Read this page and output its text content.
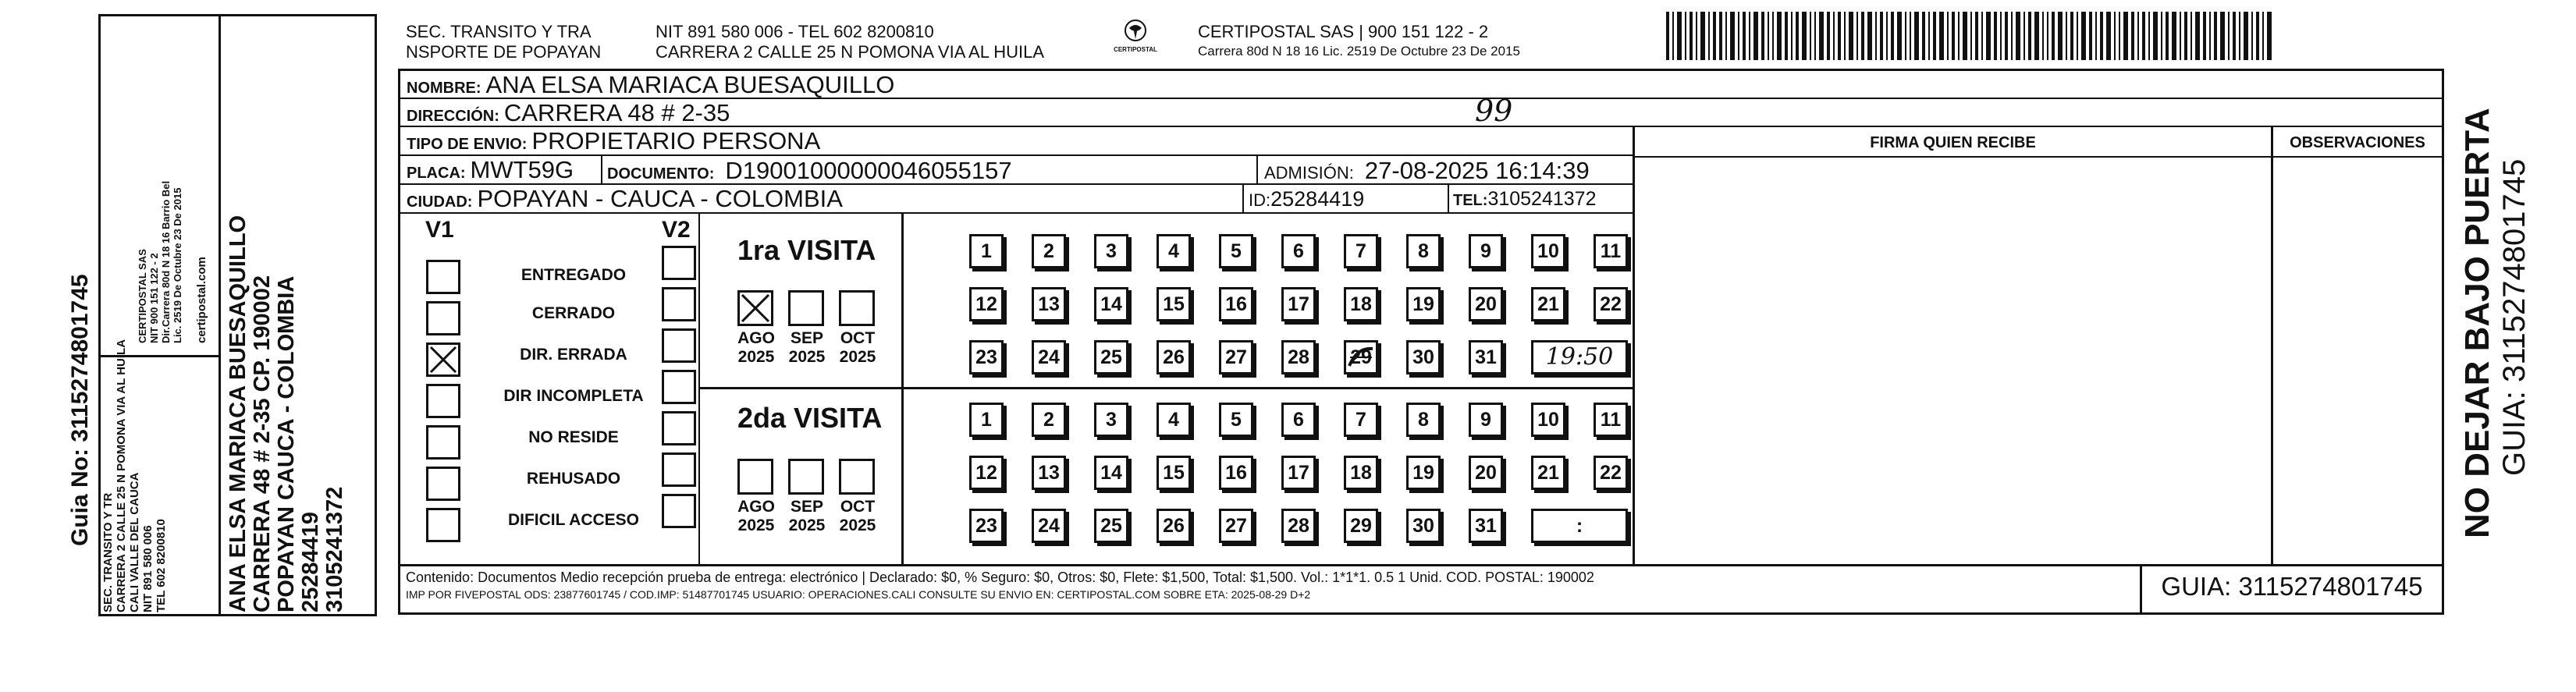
Guia No: 3115274801745
SEC. TRANSITO Y TR CARRERA 2 CALLE 25 N POMONA VIA AL HUILA CALI VALLE DEL CAUCA NIT 891 580 006 TEL 602 8200810
CERTIPOSTAL SAS NIT 900 151 122 - 2 Dir.Carrera 80d N 18 16 Barrio Bel Lic. 2519 De Octubre 23 De 2015 certipostal.com ANA ELSA MARIACA BUESAQUILLO CARRERA 48 # 2-35 CP. 190002 POPAYAN CAUCA - COLOMBIA 25284419 3105241372
SEC. TRANSITO Y TRA
NSPORTE DE POPAYAN
NIT 891 580 006 - TEL 602 8200810
CARRERA 2 CALLE 25 N POMONA VIA AL HUILA	CERTIPOSTAL
CERTIPOSTAL SAS | 900 151 122 - 2
Carrera 80d N 18 16 Lic. 2519 De Octubre 23 De 2015
NOMBRE: ANA ELSA MARIACA BUESAQUILLO
DIRECCIÓN: CARRERA 48 # 2-35	99
TIPO DE ENVIO: PROPIETARIO PERSONA
PLACA: MWT59G	DOCUMENTO: D19001000000046055157	ADMISIÓN: 27-08-2025 16:14:39
CIUDAD: POPAYAN - CAUCA - COLOMBIA	ID:25284419	TEL:3105241372
FIRMA QUIEN RECIBE	OBSERVACIONES
V1	V2
ENTREGADO
CERRADO
DIR. ERRADA
DIR INCOMPLETA
NO RESIDE
REHUSADO
DIFICIL ACCESO
1ra VISITA
2da VISITA
AGO
2025
SEP
2025
OCT
2025
1	2	3	4	5	6	7	8	9	10	11
12	13	14	15	16	17	18	19	20	21	22
23	24	25	26	27	28	29	30	31	19:50
AGO
2025
SEP
2025
OCT
2025
1	2	3	4	5	6	7	8	9	10	11
12	13	14	15	16	17	18	19	20	21	22
23	24	25	26	27	28	29	30	31	:
Contenido: Documentos Medio recepción prueba de entrega: electrónico | Declarado: $0, % Seguro: $0, Otros: $0, Flete: $1,500, Total: $1,500. Vol.: 1*1*1. 0.5 1 Unid. COD. POSTAL: 190002
IMP POR FIVEPOSTAL ODS: 23877601745 / COD.IMP: 51487701745 USUARIO: OPERACIONES.CALI CONSULTE SU ENVIO EN: CERTIPOSTAL.COM SOBRE ETA: 2025-08-29 D+2	GUIA: 3115274801745
NO DEJAR BAJO PUERTA GUIA: 3115274801745
